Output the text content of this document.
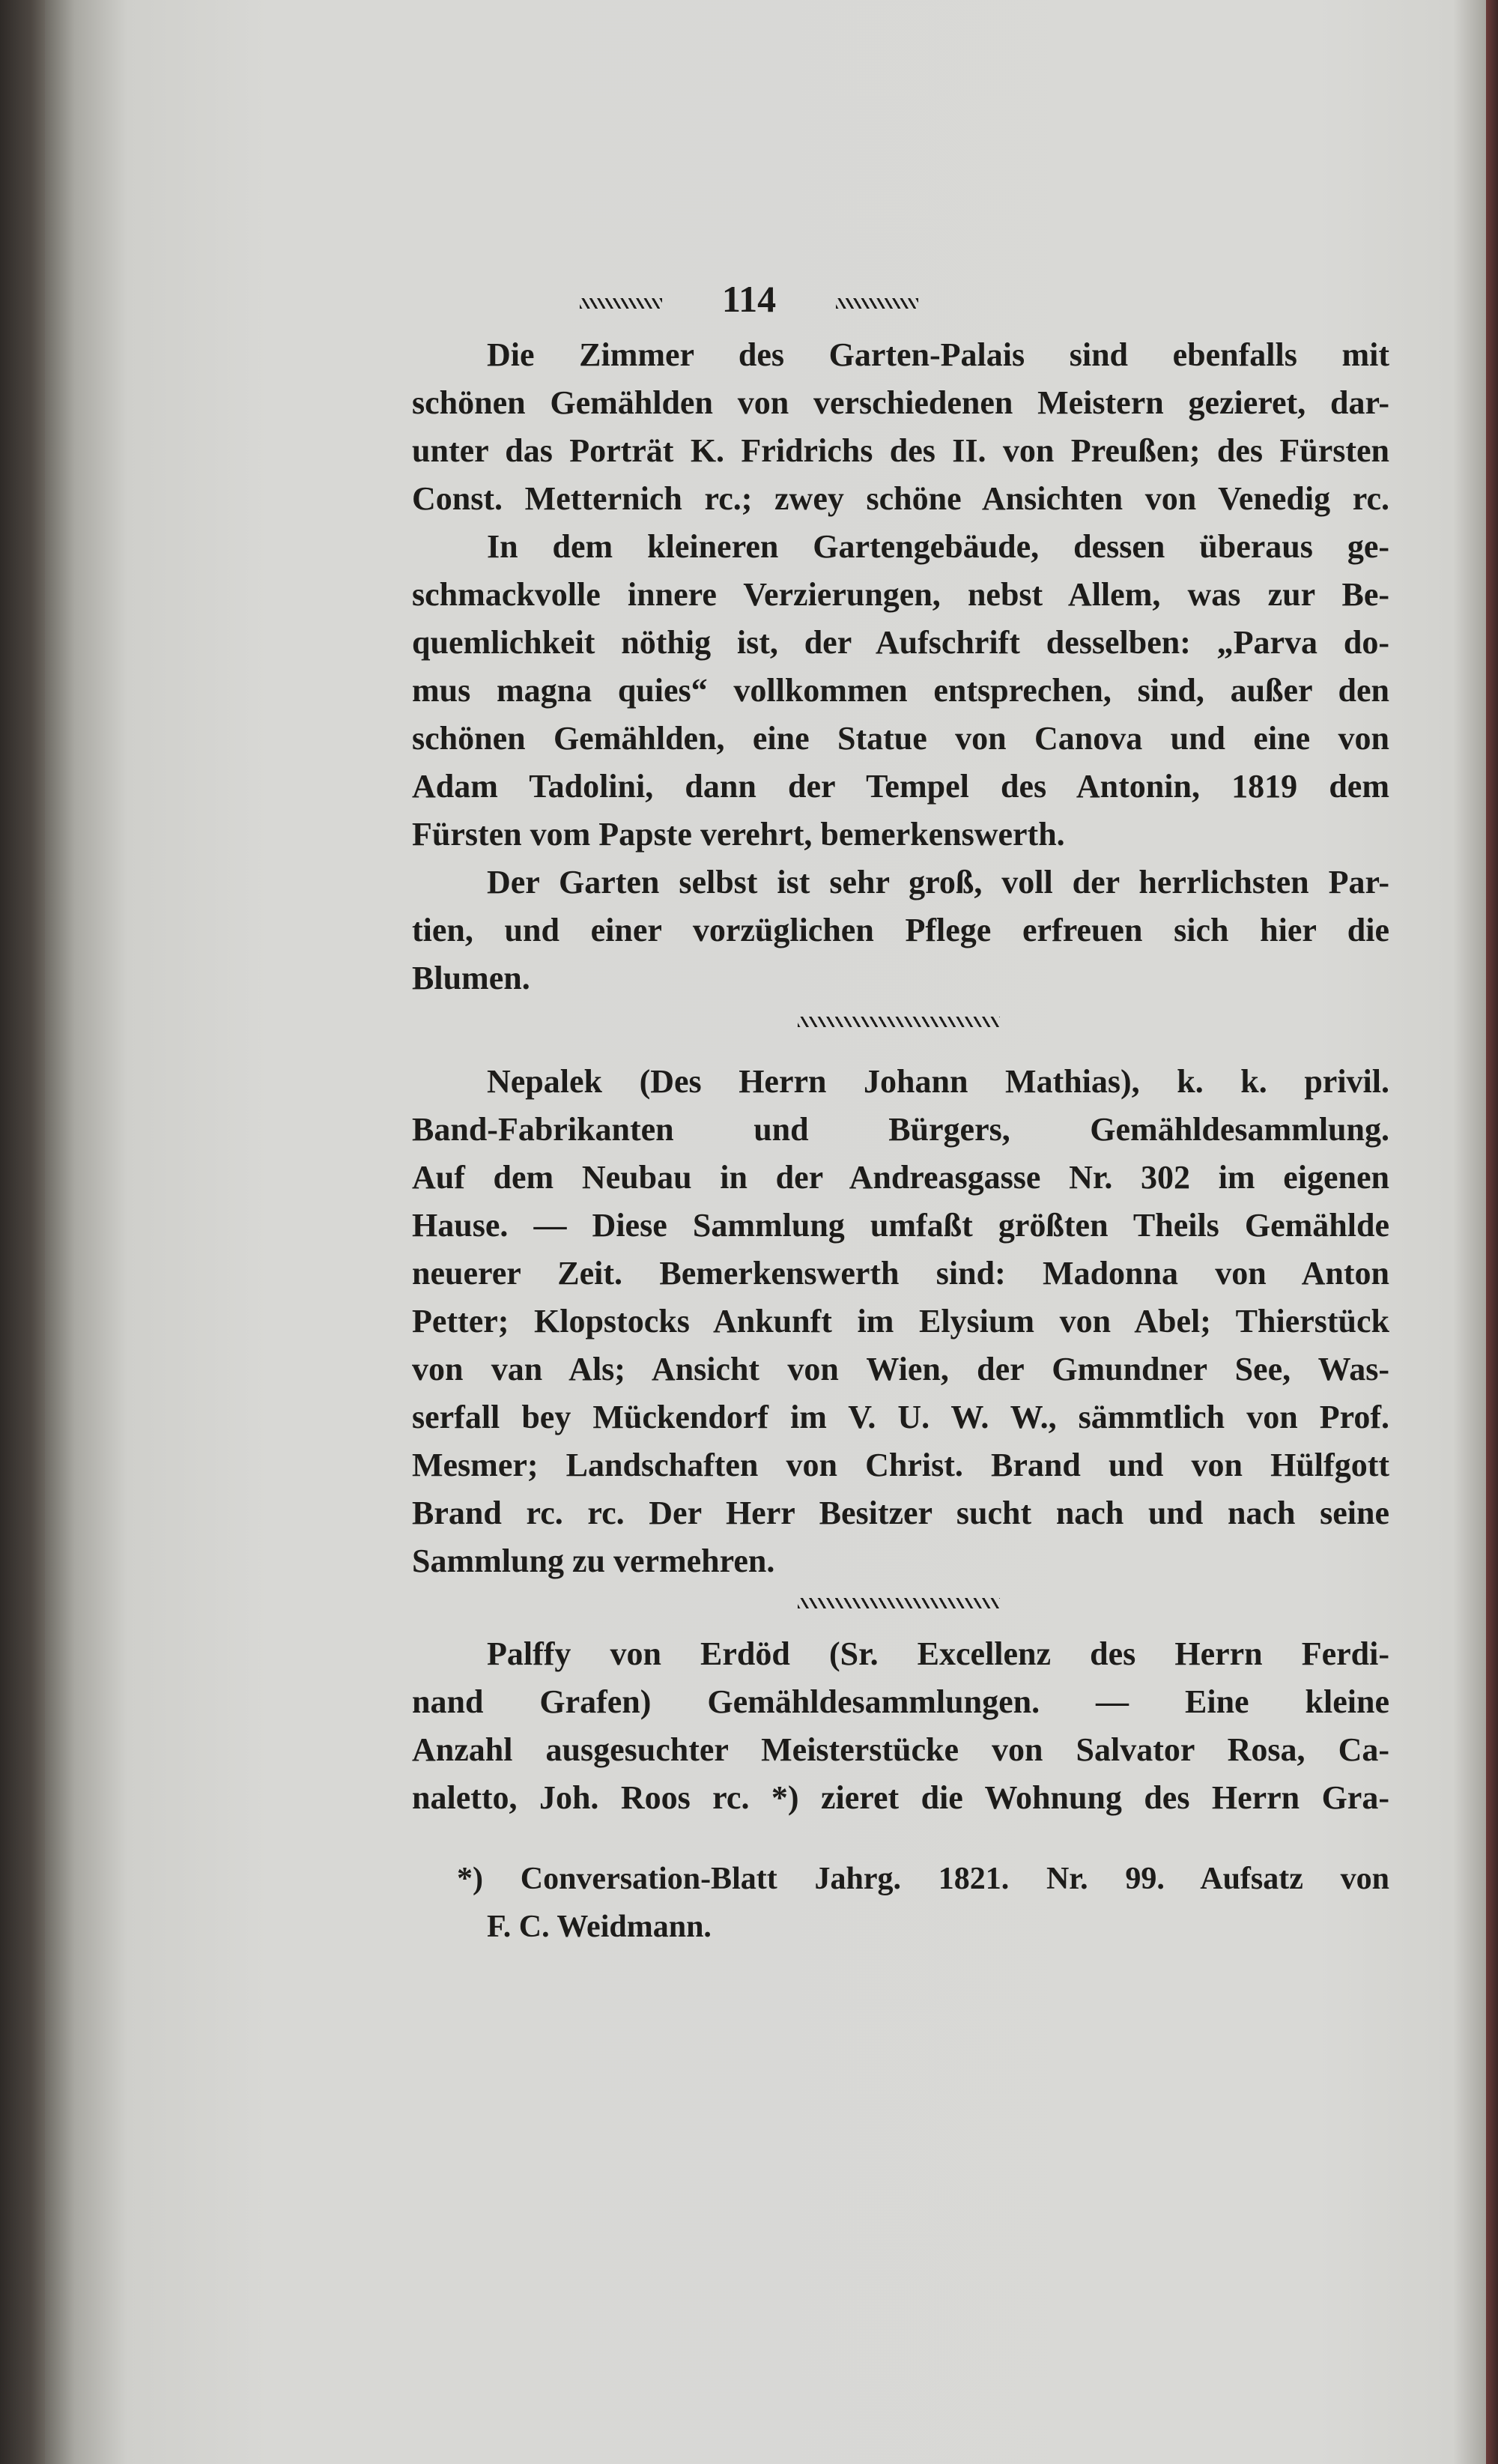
114
Die Zimmer des Garten-Palais sind ebenfalls mit
schönen Gemählden von verschiedenen Meistern gezieret, dar-
unter das Porträt K. Fridrichs des II. von Preußen; des Fürsten
Const. Metternich rc.; zwey schöne Ansichten von Venedig rc.
In dem kleineren Gartengebäude, dessen überaus ge-
schmackvolle innere Verzierungen, nebst Allem, was zur Be-
quemlichkeit nöthig ist, der Aufschrift desselben: „Parva do-
mus magna quies“ vollkommen entsprechen, sind, außer den
schönen Gemählden, eine Statue von Canova und eine von
Adam Tadolini, dann der Tempel des Antonin, 1819 dem
Fürsten vom Papste verehrt, bemerkenswerth.
Der Garten selbst ist sehr groß, voll der herrlichsten Par-
tien, und einer vorzüglichen Pflege erfreuen sich hier die
Blumen.
Nepalek (Des Herrn Johann Mathias), k. k. privil.
Band-Fabrikanten und Bürgers, Gemähldesammlung.
Auf dem Neubau in der Andreasgasse Nr. 302 im eigenen
Hause. — Diese Sammlung umfaßt größten Theils Gemählde
neuerer Zeit. Bemerkenswerth sind: Madonna von Anton
Petter; Klopstocks Ankunft im Elysium von Abel; Thierstück
von van Als; Ansicht von Wien, der Gmundner See, Was-
serfall bey Mückendorf im V. U. W. W., sämmtlich von Prof.
Mesmer; Landschaften von Christ. Brand und von Hülfgott
Brand rc. rc. Der Herr Besitzer sucht nach und nach seine
Sammlung zu vermehren.
Palffy von Erdöd (Sr. Excellenz des Herrn Ferdi-
nand Grafen) Gemähldesammlungen. — Eine kleine
Anzahl ausgesuchter Meisterstücke von Salvator Rosa, Ca-
naletto, Joh. Roos rc. *) zieret die Wohnung des Herrn Gra-
*) Conversation-Blatt Jahrg. 1821. Nr. 99. Aufsatz von
F. C. Weidmann.
